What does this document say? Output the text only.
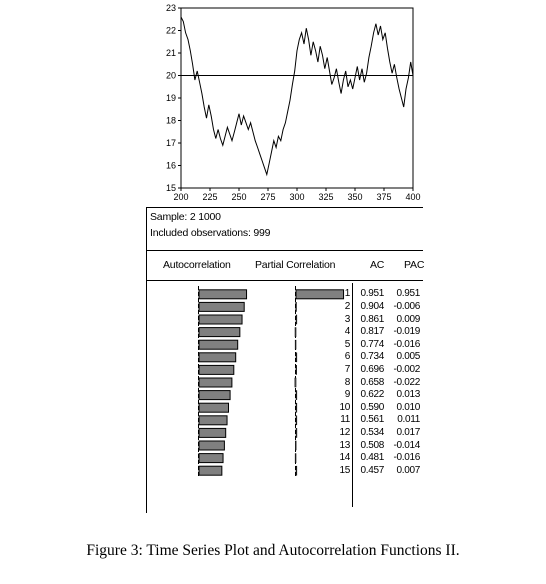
15
16
17
18
19
20
21
22
23
200 225 250 275 300 325 350 375 400
Sample: 2 1000
Included observations: 999
Autocorrelation Partial Correlation	AC PAC
1 0.951 0.951
2 0.904 -0.006
3 0.861 0.009
4 0.817 -0.019
5 0.774 -0.016
6 0.734 0.005
7 0.696 -0.002
8 0.658 -0.022
9 0.622 0.013
10 0.590 0.010
11 0.561 0.011
12 0.534 0.017
13 0.508 -0.014
14 0.481 -0.016
15 0.457 0.007
Figure 3: Time Series Plot and Autocorrelation Functions II.
